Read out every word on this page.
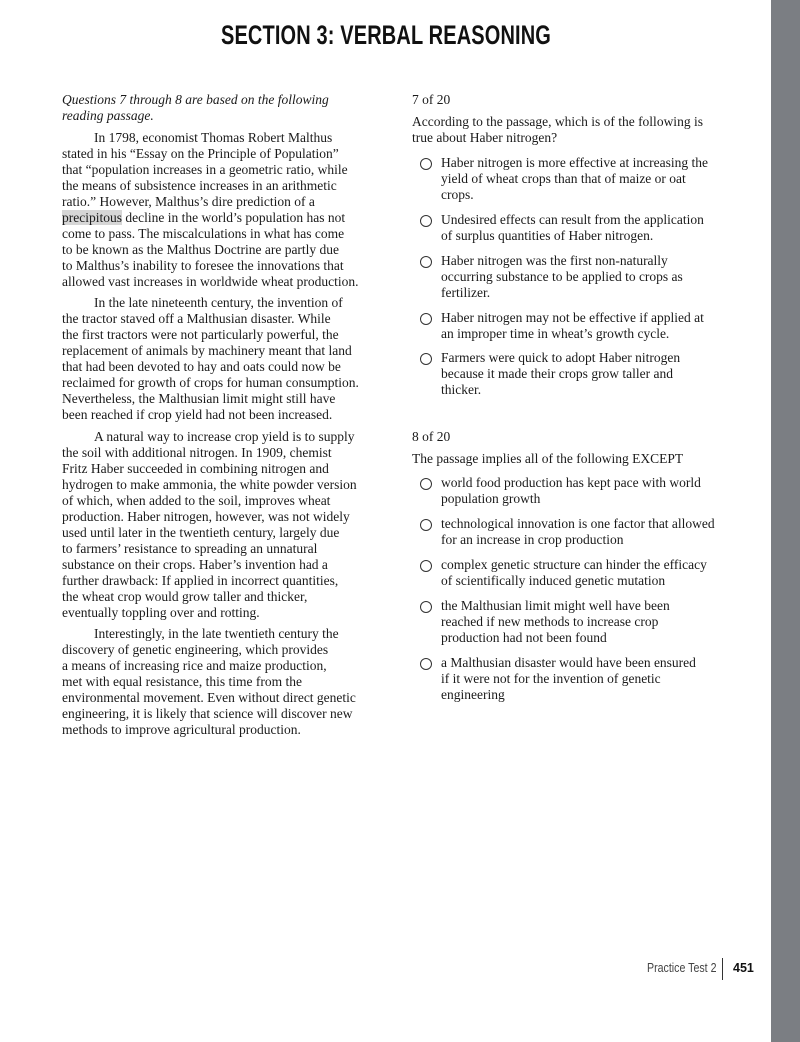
SECTION 3: VERBAL REASONING
Questions 7 through 8 are based on the following
reading passage.
In 1798, economist Thomas Robert Malthus
stated in his “Essay on the Principle of Population”
that “population increases in a geometric ratio, while
the means of subsistence increases in an arithmetic
ratio.” However, Malthus’s dire prediction of a
precipitous decline in the world’s population has not
come to pass. The miscalculations in what has come
to be known as the Malthus Doctrine are partly due
to Malthus’s inability to foresee the innovations that
allowed vast increases in worldwide wheat production.
In the late nineteenth century, the invention of
the tractor staved off a Malthusian disaster. While
the first tractors were not particularly powerful, the
replacement of animals by machinery meant that land
that had been devoted to hay and oats could now be
reclaimed for growth of crops for human consumption.
Nevertheless, the Malthusian limit might still have
been reached if crop yield had not been increased.
A natural way to increase crop yield is to supply
the soil with additional nitrogen. In 1909, chemist
Fritz Haber succeeded in combining nitrogen and
hydrogen to make ammonia, the white powder version
of which, when added to the soil, improves wheat
production. Haber nitrogen, however, was not widely
used until later in the twentieth century, largely due
to farmers’ resistance to spreading an unnatural
substance on their crops. Haber’s invention had a
further drawback: If applied in incorrect quantities,
the wheat crop would grow taller and thicker,
eventually toppling over and rotting.
Interestingly, in the late twentieth century the
discovery of genetic engineering, which provides
a means of increasing rice and maize production,
met with equal resistance, this time from the
environmental movement. Even without direct genetic
engineering, it is likely that science will discover new
methods to improve agricultural production.
7 of 20
According to the passage, which is of the following is
true about Haber nitrogen?
Haber nitrogen is more effective at increasing the
yield of wheat crops than that of maize or oat
crops.
Undesired effects can result from the application
of surplus quantities of Haber nitrogen.
Haber nitrogen was the first non-naturally
occurring substance to be applied to crops as
fertilizer.
Haber nitrogen may not be effective if applied at
an improper time in wheat’s growth cycle.
Farmers were quick to adopt Haber nitrogen
because it made their crops grow taller and
thicker.
8 of 20
The passage implies all of the following EXCEPT
world food production has kept pace with world
population growth
technological innovation is one factor that allowed
for an increase in crop production
complex genetic structure can hinder the efficacy
of scientifically induced genetic mutation
the Malthusian limit might well have been
reached if new methods to increase crop
production had not been found
a Malthusian disaster would have been ensured
if it were not for the invention of genetic
engineering
Practice Test 2 451
